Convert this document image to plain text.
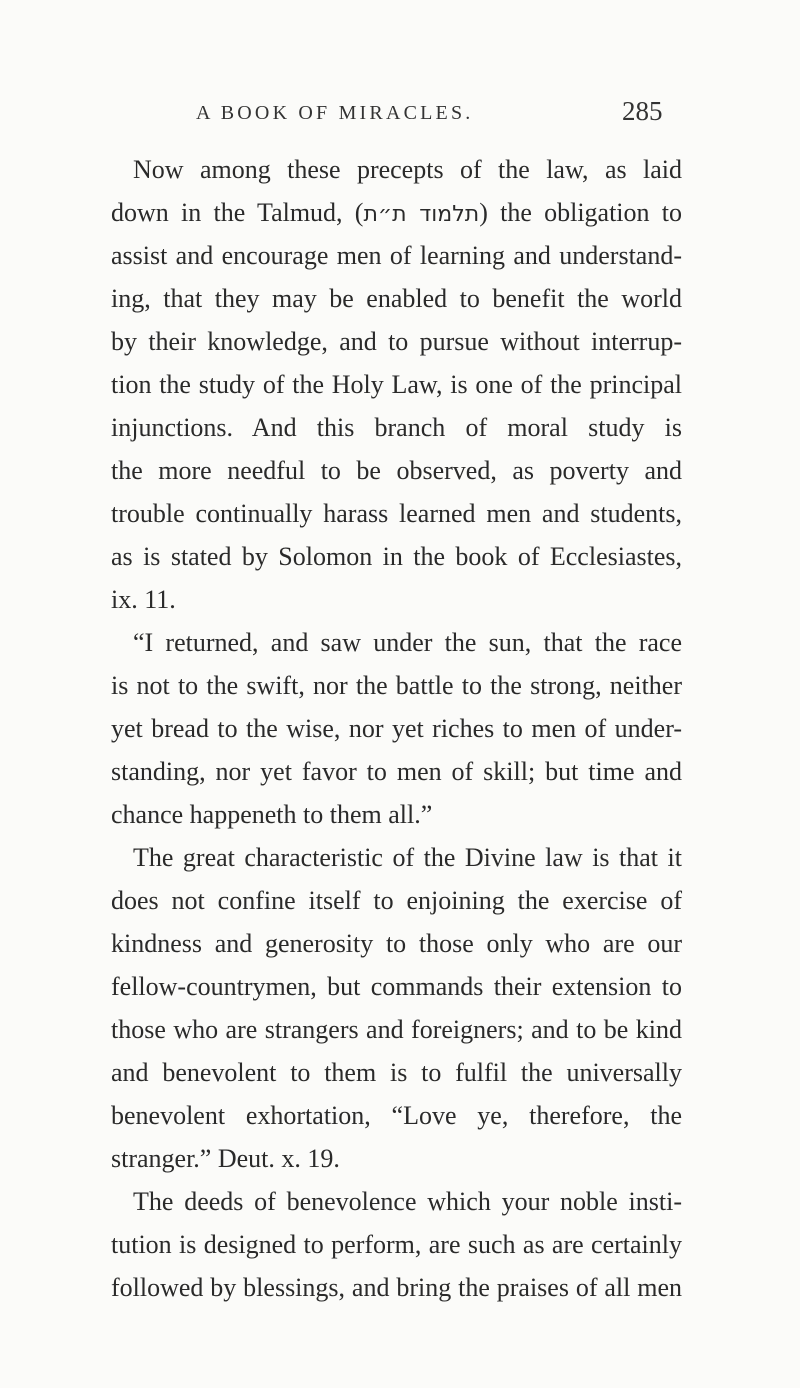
A BOOK OF MIRACLES.	285
Now among these precepts of the law, as laid
down in the Talmud, (תלמוד ת״ת) the obligation to
assist and encourage men of learning and understand-
ing, that they may be enabled to benefit the world
by their knowledge, and to pursue without interrup-
tion the study of the Holy Law, is one of the principal
injunctions. And this branch of moral study is
the more needful to be observed, as poverty and
trouble continually harass learned men and students,
as is stated by Solomon in the book of Ecclesiastes,
ix. 11.
“I returned, and saw under the sun, that the race
is not to the swift, nor the battle to the strong, neither
yet bread to the wise, nor yet riches to men of under-
standing, nor yet favor to men of skill; but time and
chance happeneth to them all.”
The great characteristic of the Divine law is that it
does not confine itself to enjoining the exercise of
kindness and generosity to those only who are our
fellow-countrymen, but commands their extension to
those who are strangers and foreigners; and to be kind
and benevolent to them is to fulfil the universally
benevolent exhortation, “Love ye, therefore, the
stranger.” Deut. x. 19.
The deeds of benevolence which your noble insti-
tution is designed to perform, are such as are certainly
followed by blessings, and bring the praises of all men
